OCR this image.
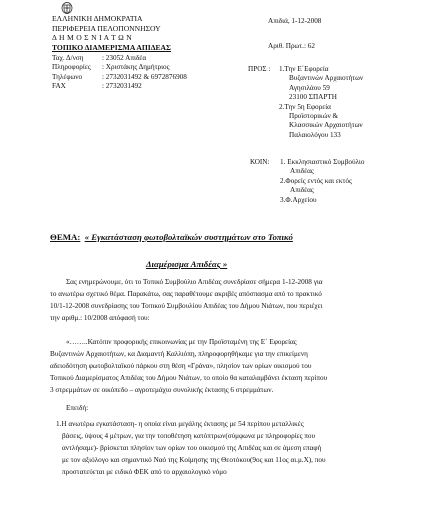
ΕΛΛΗΝΙΚΗ ΔΗΜΟΚΡΑΤΙΑ
ΠΕΡΙΦΕΡΕΙΑ ΠΕΛΟΠΟΝΝΗΣΟΥ
Δ Η Μ Ο Σ Ν Ι Α Τ Ω Ν
ΤΟΠΙΚΟ ΔΙΑΜΕΡΙΣΜΑ ΑΠΙΔΕΑΣ
Απιδιά, 1-12-2008
Αριθ. Πρωτ.: 62
Ταχ. Δ/νση	: 23052 Απιδέα
Πληροφορίες : Χριστάκης Δημήτριος
Τηλέφωνο	: 2732031492 & 6972876908
FAX	: 2732031492
ΠΡΟΣ : 1.Την Ε΄Εφορεία
Βυζαντινών Αρχαιοτήτων
Αγησιλάου 59
23100 ΣΠΑΡΤΗ
2.Την 5η Εφορεία
Προϊστορικών &
Κλασσικών Αρχαιοτήτων
Παλαιολόγου 133
ΚΟΙΝ: 1. Εκκλησιαστικό Συμβούλιο
Απιδέας
2.Φορείς εντός και εκτός
Απιδέας
3.Φ.Αρχείου
ΘΕΜΑ: « Εγκατάσταση φωτοβολταϊκών συστημάτων στο Τοπικό
Διαμέρισμα Απιδέας »

Σας ενημερώνουμε, ότι το Τοπικό Συμβούλιο Απιδέας συνεδρίασε σήμερα 1-12-2008 για

το ανωτέρω σχετικό θέμα. Παρακάτω, σας παραθέτουμε ακριβές απόσπασμα από το πρακτικό

10/1-12-2008 συνεδρίασης του Τοπικού Συμβουλίου Απιδέας του Δήμου Νιάτων, που περιέχει

την αριθμ.: 10/2008 απόφασή του:

«……..Κατόπιν προφορικής επικοινωνίας με την Προϊσταμένη της Ε΄ Εφορείας

Βυζαντινών Αρχαιοτήτων, κα Διαμαντή Καλλιόπη, πληροφορηθήκαμε για την επικείμενη

αδειοδότηση φωτοβολταϊκού πάρκου στη θέση «Γράνα», πλησίον των ορίων οικισμού του

Τοπικού Διαμερίσματος Απιδέας του Δήμου Νιάτων, το οποίο θα καταλαμβάνει έκταση περίπου

3 στρεμμάτων σε οικόπεδο – αγροτεμάχιο συνολικής έκτασης 6 στρεμμάτων.

Επειδή:

1.Η ανωτέρω εγκατάσταση- η οποία είναι μεγάλης έκτασης με 54 περίπου μεταλλικές

βάσεις, ύψους 4 μέτρων, για την τοποθέτηση κατόπτρων(σύμφωνα με πληροφορίες που

αντλήσαμε)- βρίσκεται πλησίον των ορίων του οικισμού της Απιδέας και σε άμεση επαφή

με τον αξιόλογο και σημαντικό Ναό της Κοίμησης της Θεοτόκου(9ος και 11ος αι.μ.Χ), που

προστατεύεται με ειδικό ΦΕΚ από το αρχαιολογικό νόμο
